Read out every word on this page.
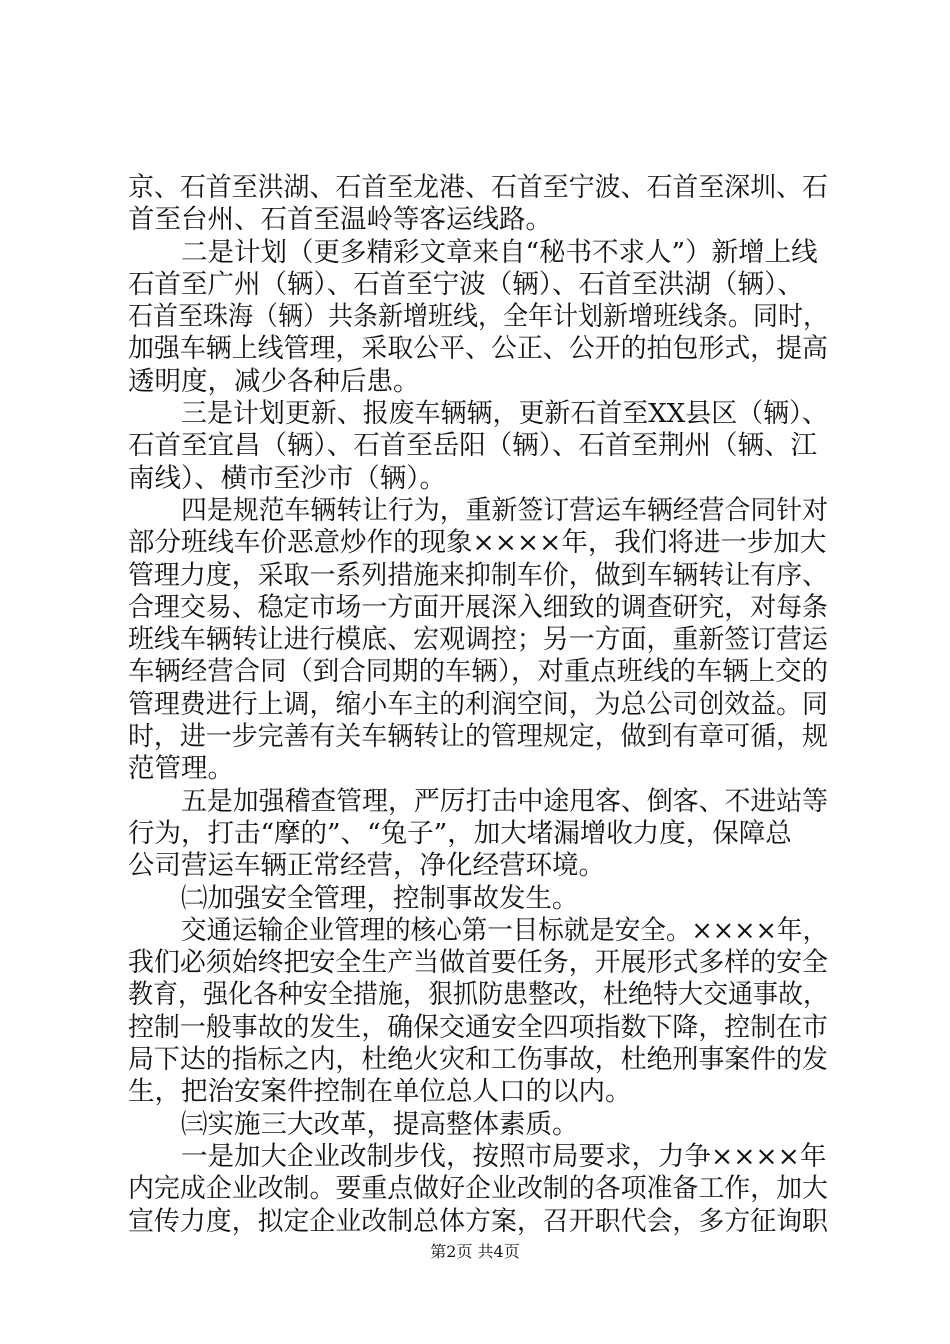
京、石首至洪湖、石首至龙港、石首至宁波、石首至深圳、石
首至台州、石首至温岭等客运线路。
二是计划（更多精彩文章来自“秘书不求人”）新增上线
石首至广州（辆）、石首至宁波（辆）、石首至洪湖（辆）、
石首至珠海（辆）共条新增班线，全年计划新增班线条。同时，
加强车辆上线管理，采取公平、公正、公开的拍包形式，提高
透明度，减少各种后患。
三是计划更新、报废车辆辆，更新石首至XX县区（辆）、
石首至宜昌（辆）、石首至岳阳（辆）、石首至荆州（辆、江
南线）、横市至沙市（辆）。
四是规范车辆转让行为，重新签订营运车辆经营合同针对
部分班线车价恶意炒作的现象××××年，我们将进一步加大
管理力度，采取一系列措施来抑制车价，做到车辆转让有序、
合理交易、稳定市场一方面开展深入细致的调查研究，对每条
班线车辆转让进行模底、宏观调控；另一方面，重新签订营运
车辆经营合同（到合同期的车辆），对重点班线的车辆上交的
管理费进行上调，缩小车主的利润空间，为总公司创效益。同
时，进一步完善有关车辆转让的管理规定，做到有章可循，规
范管理。
五是加强稽查管理，严厉打击中途甩客、倒客、不进站等
行为，打击“摩的”、“兔子”，加大堵漏增收力度，保障总
公司营运车辆正常经营，净化经营环境。
㈡加强安全管理，控制事故发生。
交通运输企业管理的核心第一目标就是安全。××××年，
我们必须始终把安全生产当做首要任务，开展形式多样的安全
教育，强化各种安全措施，狠抓防患整改，杜绝特大交通事故，
控制一般事故的发生，确保交通安全四项指数下降，控制在市
局下达的指标之内，杜绝火灾和工伤事故，杜绝刑事案件的发
生，把治安案件控制在单位总人口的以内。
㈢实施三大改革，提高整体素质。
一是加大企业改制步伐，按照市局要求，力争××××年
内完成企业改制。要重点做好企业改制的各项准备工作，加大
宣传力度，拟定企业改制总体方案，召开职代会，多方征询职
第2页 共4页
